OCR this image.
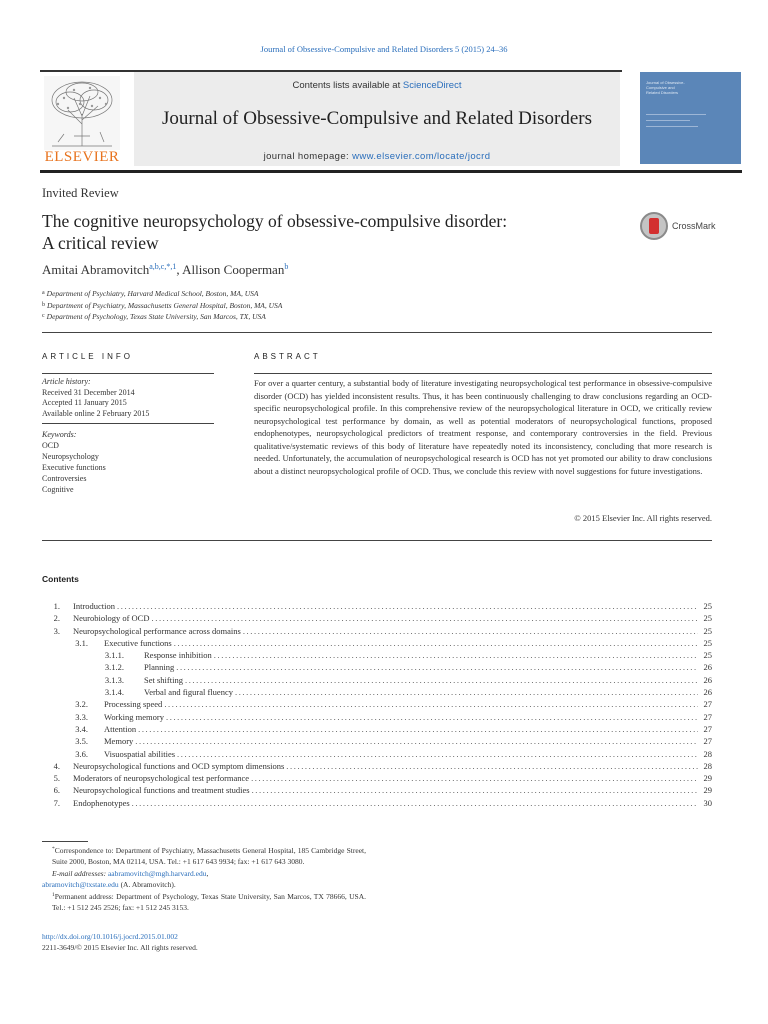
Journal of Obsessive-Compulsive and Related Disorders 5 (2015) 24–36
ELSEVIER
Contents lists available at ScienceDirect
Journal of Obsessive-Compulsive and Related Disorders
journal homepage: www.elsevier.com/locate/jocrd
Journal of Obsessive-Compulsive and Related Disorders
Invited Review
The cognitive neuropsychology of obsessive-compulsive disorder:
A critical review
CrossMark
Amitai Abramovitch$^{a,b,c,*,1}$, Allison Cooperman$^b$
$^a$ Department of Psychiatry, Harvard Medical School, Boston, MA, USA
$^b$ Department of Psychiatry, Massachusetts General Hospital, Boston, MA, USA
$^c$ Department of Psychology, Texas State University, San Marcos, TX, USA
ARTICLE INFO	ABSTRACT
Article history:
Received 31 December 2014
Accepted 11 January 2015
Available online 2 February 2015
Keywords:
OCD
Neuropsychology
Executive functions
Controversies
Cognitive
For over a quarter century, a substantial body of literature investigating neuropsychological test performance in obsessive-compulsive disorder (OCD) has yielded inconsistent results. Thus, it has been continuously challenging to draw conclusions regarding an OCD-specific neuropsychological profile. In this comprehensive review of the neuropsychological literature in OCD, we critically review neuropsychological test performance by domain, as well as potential moderators of neuropsychological functions, proposed endophenotypes, neuropsychological predictors of treatment response, and contemporary controversies in the field. Previous qualitative/systematic reviews of this body of literature have repeatedly noted its inconsistency, concluding that more research is needed. Unfortunately, the accumulation of neuropsychological research is OCD has not yet promoted our ability to draw conclusions about a distinct neuropsychological profile of OCD. Thus, we conclude this review with novel suggestions for future investigations.
© 2015 Elsevier Inc. All rights reserved.
Contents
1.	Introduction .....	25
2.	Neurobiology of OCD .....	25
3.	Neuropsychological performance across domains .....	25
3.1.	Executive functions .....	25
3.1.1.	Response inhibition .....	25
3.1.2.	Planning .....	26
3.1.3.	Set shifting .....	26
3.1.4.	Verbal and figural fluency .....	26
3.2.	Processing speed .....	27
3.3.	Working memory .....	27
3.4.	Attention .....	27
3.5.	Memory .....	27
3.6.	Visuospatial abilities .....	28
4.	Neuropsychological functions and OCD symptom dimensions .....	28
5.	Moderators of neuropsychological test performance .....	29
6.	Neuropsychological functions and treatment studies .....	29
7.	Endophenotypes .....	30
*Correspondence to: Department of Psychiatry, Massachusetts General Hospital, 185 Cambridge Street, Suite 2000, Boston, MA 02114, USA. Tel.: +1 617 643 9934; fax: +1 617 643 3080.
E-mail addresses: aabramovitch@mgh.harvard.edu,
abramovitch@txstate.edu (A. Abramovitch).
$^1$Permanent address: Department of Psychology, Texas State University, San Marcos, TX 78666, USA. Tel.: +1 512 245 2526; fax: +1 512 245 3153.
http://dx.doi.org/10.1016/j.jocrd.2015.01.002
2211-3649/© 2015 Elsevier Inc. All rights reserved.
